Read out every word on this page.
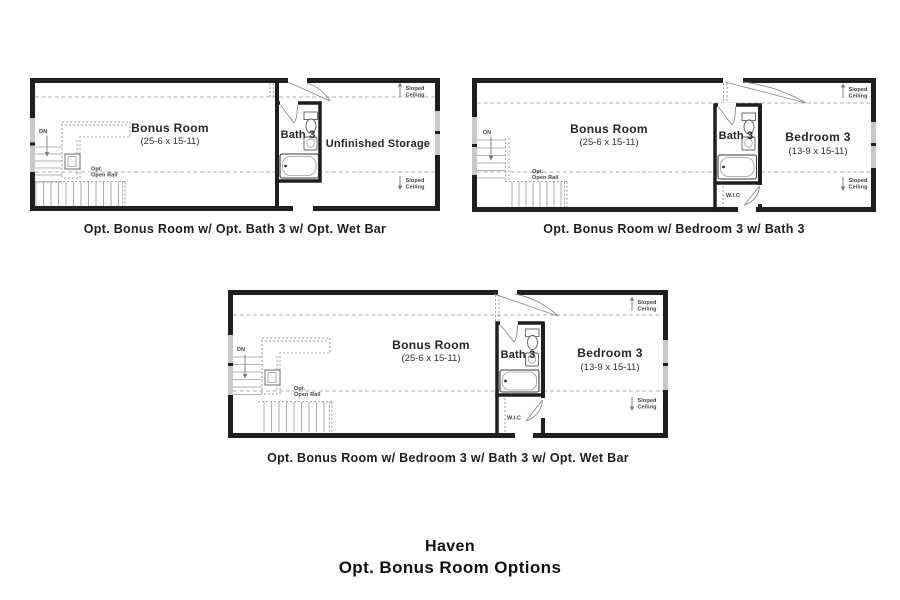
DN
Opt.
Open Rail
Sloped
Ceiling
Sloped
Ceiling
Bonus Room
(25-6 x 15-11)
Bath 3
Unfinished Storage
Opt. Bonus Room w/ Opt. Bath 3 w/ Opt. Wet Bar
DN
Opt.
Open Rail
Sloped
Ceiling
Sloped
Ceiling
Bonus Room
(25-6 x 15-11)
Bath 3	Bedroom 3
(13-9 x 15-11)
W.I.C
Opt. Bonus Room w/ Bedroom 3 w/ Bath 3
DN
Opt.
Open Rail
Sloped
Ceiling
Sloped
Ceiling
Bonus Room
(25-6 x 15-11)	Bath 3	Bedroom 3
(13-9 x 15-11)
W.I.C
Opt. Bonus Room w/ Bedroom 3 w/ Bath 3 w/ Opt. Wet Bar
Haven
Opt. Bonus Room Options
